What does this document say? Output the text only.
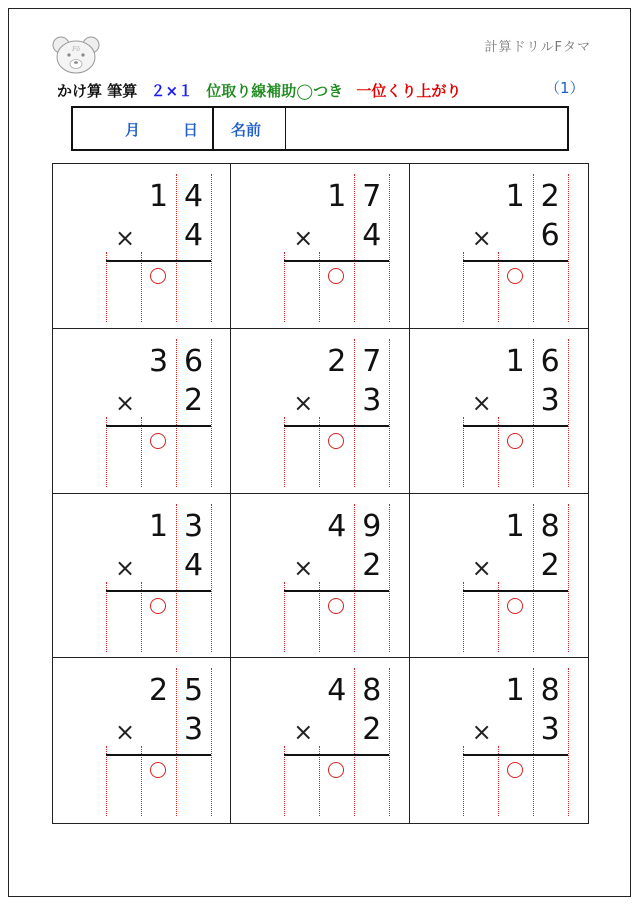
Fō	計算ドリルFタマ
かけ算 筆算 ２×１ 位取り線補助◯つき 一位くり上がり	（1）
月	日 名前
1 4
× 4
1 7
× 4
1 2
× 6
3 6
× 2
2 7
× 3
1 6
× 3
1 3
× 4
4 9
× 2
1 8
× 2
2 5
× 3
4 8
× 2
1 8
× 3
